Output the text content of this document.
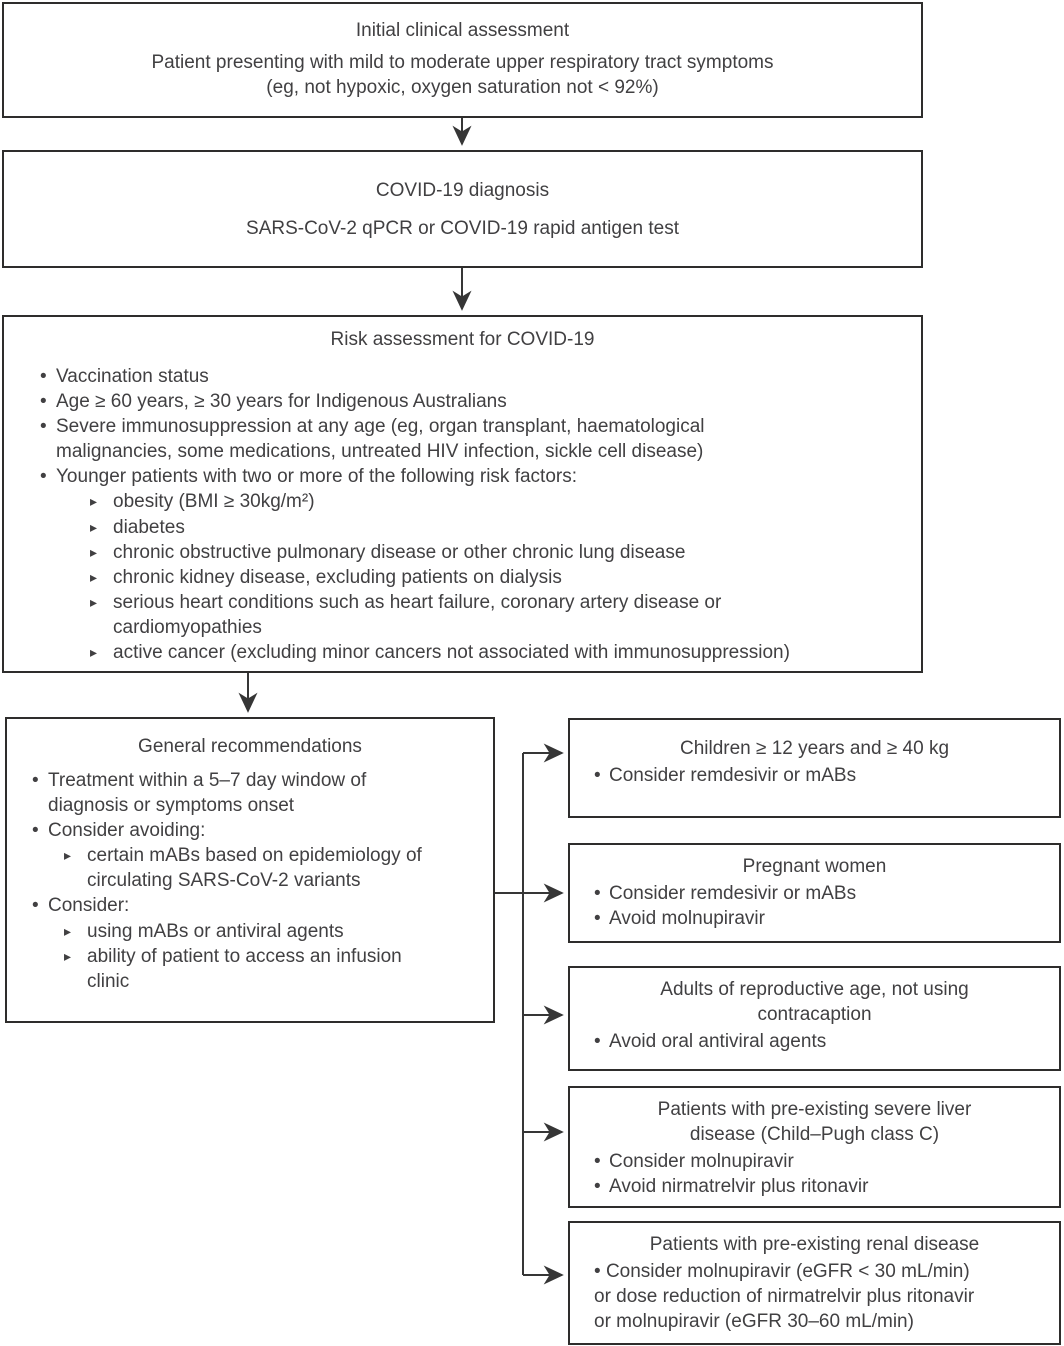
Initial clinical assessment
Patient presenting with mild to moderate upper respiratory tract symptoms
(eg, not hypoxic, oxygen saturation not < 92%)
COVID-19 diagnosis
SARS-CoV-2 qPCR or COVID-19 rapid antigen test
Risk assessment for COVID-19
• Vaccination status
• Age ≥ 60 years, ≥ 30 years for Indigenous Australians
• Severe immunosuppression at any age (eg, organ transplant, haematological malignancies, some medications, untreated HIV infection, sickle cell disease)
• Younger patients with two or more of the following risk factors:
▸ obesity (BMI ≥ 30kg/m²)
▸ diabetes
▸ chronic obstructive pulmonary disease or other chronic lung disease
▸ chronic kidney disease, excluding patients on dialysis
▸ serious heart conditions such as heart failure, coronary artery disease or cardiomyopathies
▸ active cancer (excluding minor cancers not associated with immunosuppression)
General recommendations
• Treatment within a 5–7 day window of diagnosis or symptoms onset
• Consider avoiding:
▸ certain mABs based on epidemiology of circulating SARS-CoV-2 variants
• Consider:
▸ using mABs or antiviral agents
▸ ability of patient to access an infusion clinic
Children ≥ 12 years and ≥ 40 kg
• Consider remdesivir or mABs
Pregnant women
• Consider remdesivir or mABs
• Avoid molnupiravir
Adults of reproductive age, not using contracaption
• Avoid oral antiviral agents
Patients with pre-existing severe liver disease (Child–Pugh class C)
• Consider molnupiravir
• Avoid nirmatrelvir plus ritonavir
Patients with pre-existing renal disease
• Consider molnupiravir (eGFR < 30 mL/min)
or dose reduction of nirmatrelvir plus ritonavir
or molnupiravir (eGFR 30–60 mL/min)
